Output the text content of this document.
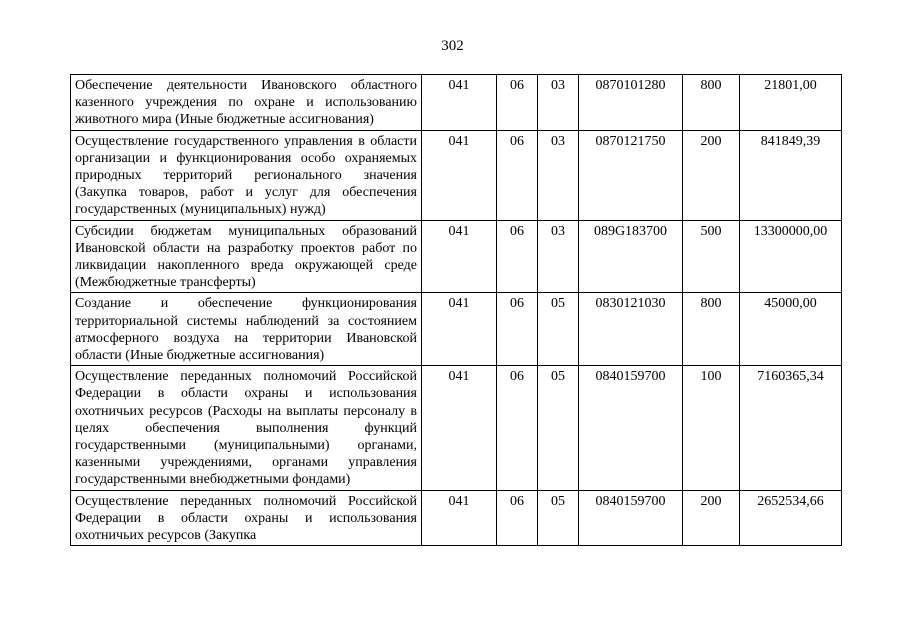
302
Обеспечение деятельности Ивановского областного казенного учреждения по охране и использованию животного мира (Иные бюджетные ассигнования)	041	06	03	0870101280	800	21801,00
Осуществление государственного управления в области организации и функционирования особо охраняемых природных территорий регионального значения (Закупка товаров, работ и услуг для обеспечения государственных (муниципальных) нужд)	041	06	03	0870121750	200	841849,39
Субсидии бюджетам муниципальных образований Ивановской области на разработку проектов работ по ликвидации накопленного вреда окружающей среде (Межбюджетные трансферты)	041	06	03	089G183700	500	13300000,00
Создание и обеспечение функционирования территориальной системы наблюдений за состоянием атмосферного воздуха на территории Ивановской области (Иные бюджетные ассигнования)	041	06	05	0830121030	800	45000,00
Осуществление переданных полномочий Российской Федерации в области охраны и использования охотничьих ресурсов (Расходы на выплаты персоналу в целях обеспечения выполнения функций государственными (муниципальными) органами, казенными учреждениями, органами управления государственными внебюджетными фондами)	041	06	05	0840159700	100	7160365,34
Осуществление переданных полномочий Российской Федерации в области охраны и использования охотничьих ресурсов (Закупка	041	06	05	0840159700	200	2652534,66
